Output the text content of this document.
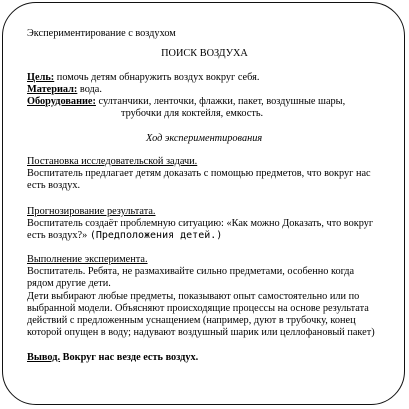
Экспериментирование с воздухом
ПОИСК ВОЗДУХА
Цель: помочь детям обнаружить воздух вокруг себя.
Материал: вода.
Оборудование: султанчики, ленточки, флажки, пакет, воздушные шары,
трубочки для коктейля, емкость.
Ход экспериментирования
Постановка исследовательской задачи.
Воспитатель предлагает детям доказать с помощью предметов, что вокруг нас
есть воздух.
Прогнозирование результата.
Воспитатель создаёт проблемную ситуацию: «Как можно Доказать, что вокруг
есть воздух?» (Предположения детей.)
Выполнение эксперимента.
Воспитатель. Ребята, не размахивайте сильно предметами, особенно когда
рядом другие дети.
Дети выбирают любые предметы, показывают опыт самостоятельно или по
выбранной модели. Объясняют происходящие процессы на основе результата
действий с предложенным уснащением (например, дуют в трубочку, конец
которой опущен в воду; надувают воздушный шарик или целлофановый пакет)
Вывод. Вокруг нас везде есть воздух.
